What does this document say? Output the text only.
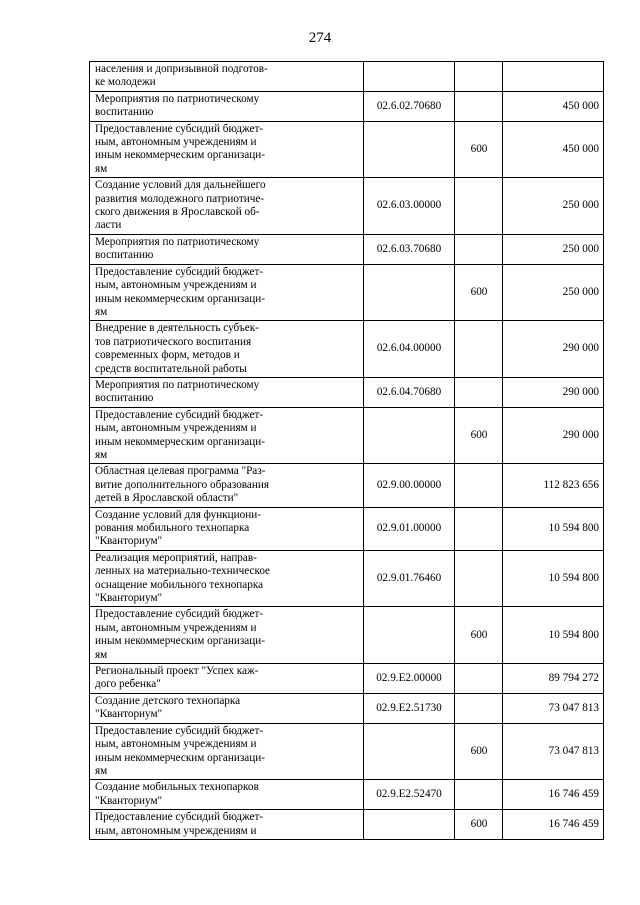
274
населения и допризывной подготов-
ке молодежи			
Мероприятия по патриотическому
воспитанию	02.6.02.70680		450 000
Предоставление субсидий бюджет-
ным, автономным учреждениям и
иным некоммерческим организаци-
ям		600	450 000
Создание условий для дальнейшего
развития молодежного патриотиче-
ского движения в Ярославской об-
ласти	02.6.03.00000		250 000
Мероприятия по патриотическому
воспитанию	02.6.03.70680		250 000
Предоставление субсидий бюджет-
ным, автономным учреждениям и
иным некоммерческим организаци-
ям		600	250 000
Внедрение в деятельность субъек-
тов патриотического воспитания
современных форм, методов и
средств воспитательной работы	02.6.04.00000		290 000
Мероприятия по патриотическому
воспитанию	02.6.04.70680		290 000
Предоставление субсидий бюджет-
ным, автономным учреждениям и
иным некоммерческим организаци-
ям		600	290 000
Областная целевая программа "Раз-
витие дополнительного образования
детей в Ярославской области"	02.9.00.00000		112 823 656
Создание условий для функциони-
рования мобильного технопарка
"Кванториум"	02.9.01.00000		10 594 800
Реализация мероприятий, направ-
ленных на материально-техническое
оснащение мобильного технопарка
"Кванториум"	02.9.01.76460		10 594 800
Предоставление субсидий бюджет-
ным, автономным учреждениям и
иным некоммерческим организаци-
ям		600	10 594 800
Региональный проект "Успех каж-
дого ребенка"	02.9.E2.00000		89 794 272
Создание детского технопарка
"Кванториум"	02.9.E2.51730		73 047 813
Предоставление субсидий бюджет-
ным, автономным учреждениям и
иным некоммерческим организаци-
ям		600	73 047 813
Создание мобильных технопарков
"Кванториум"	02.9.E2.52470		16 746 459
Предоставление субсидий бюджет-
ным, автономным учреждениям и		600	16 746 459
